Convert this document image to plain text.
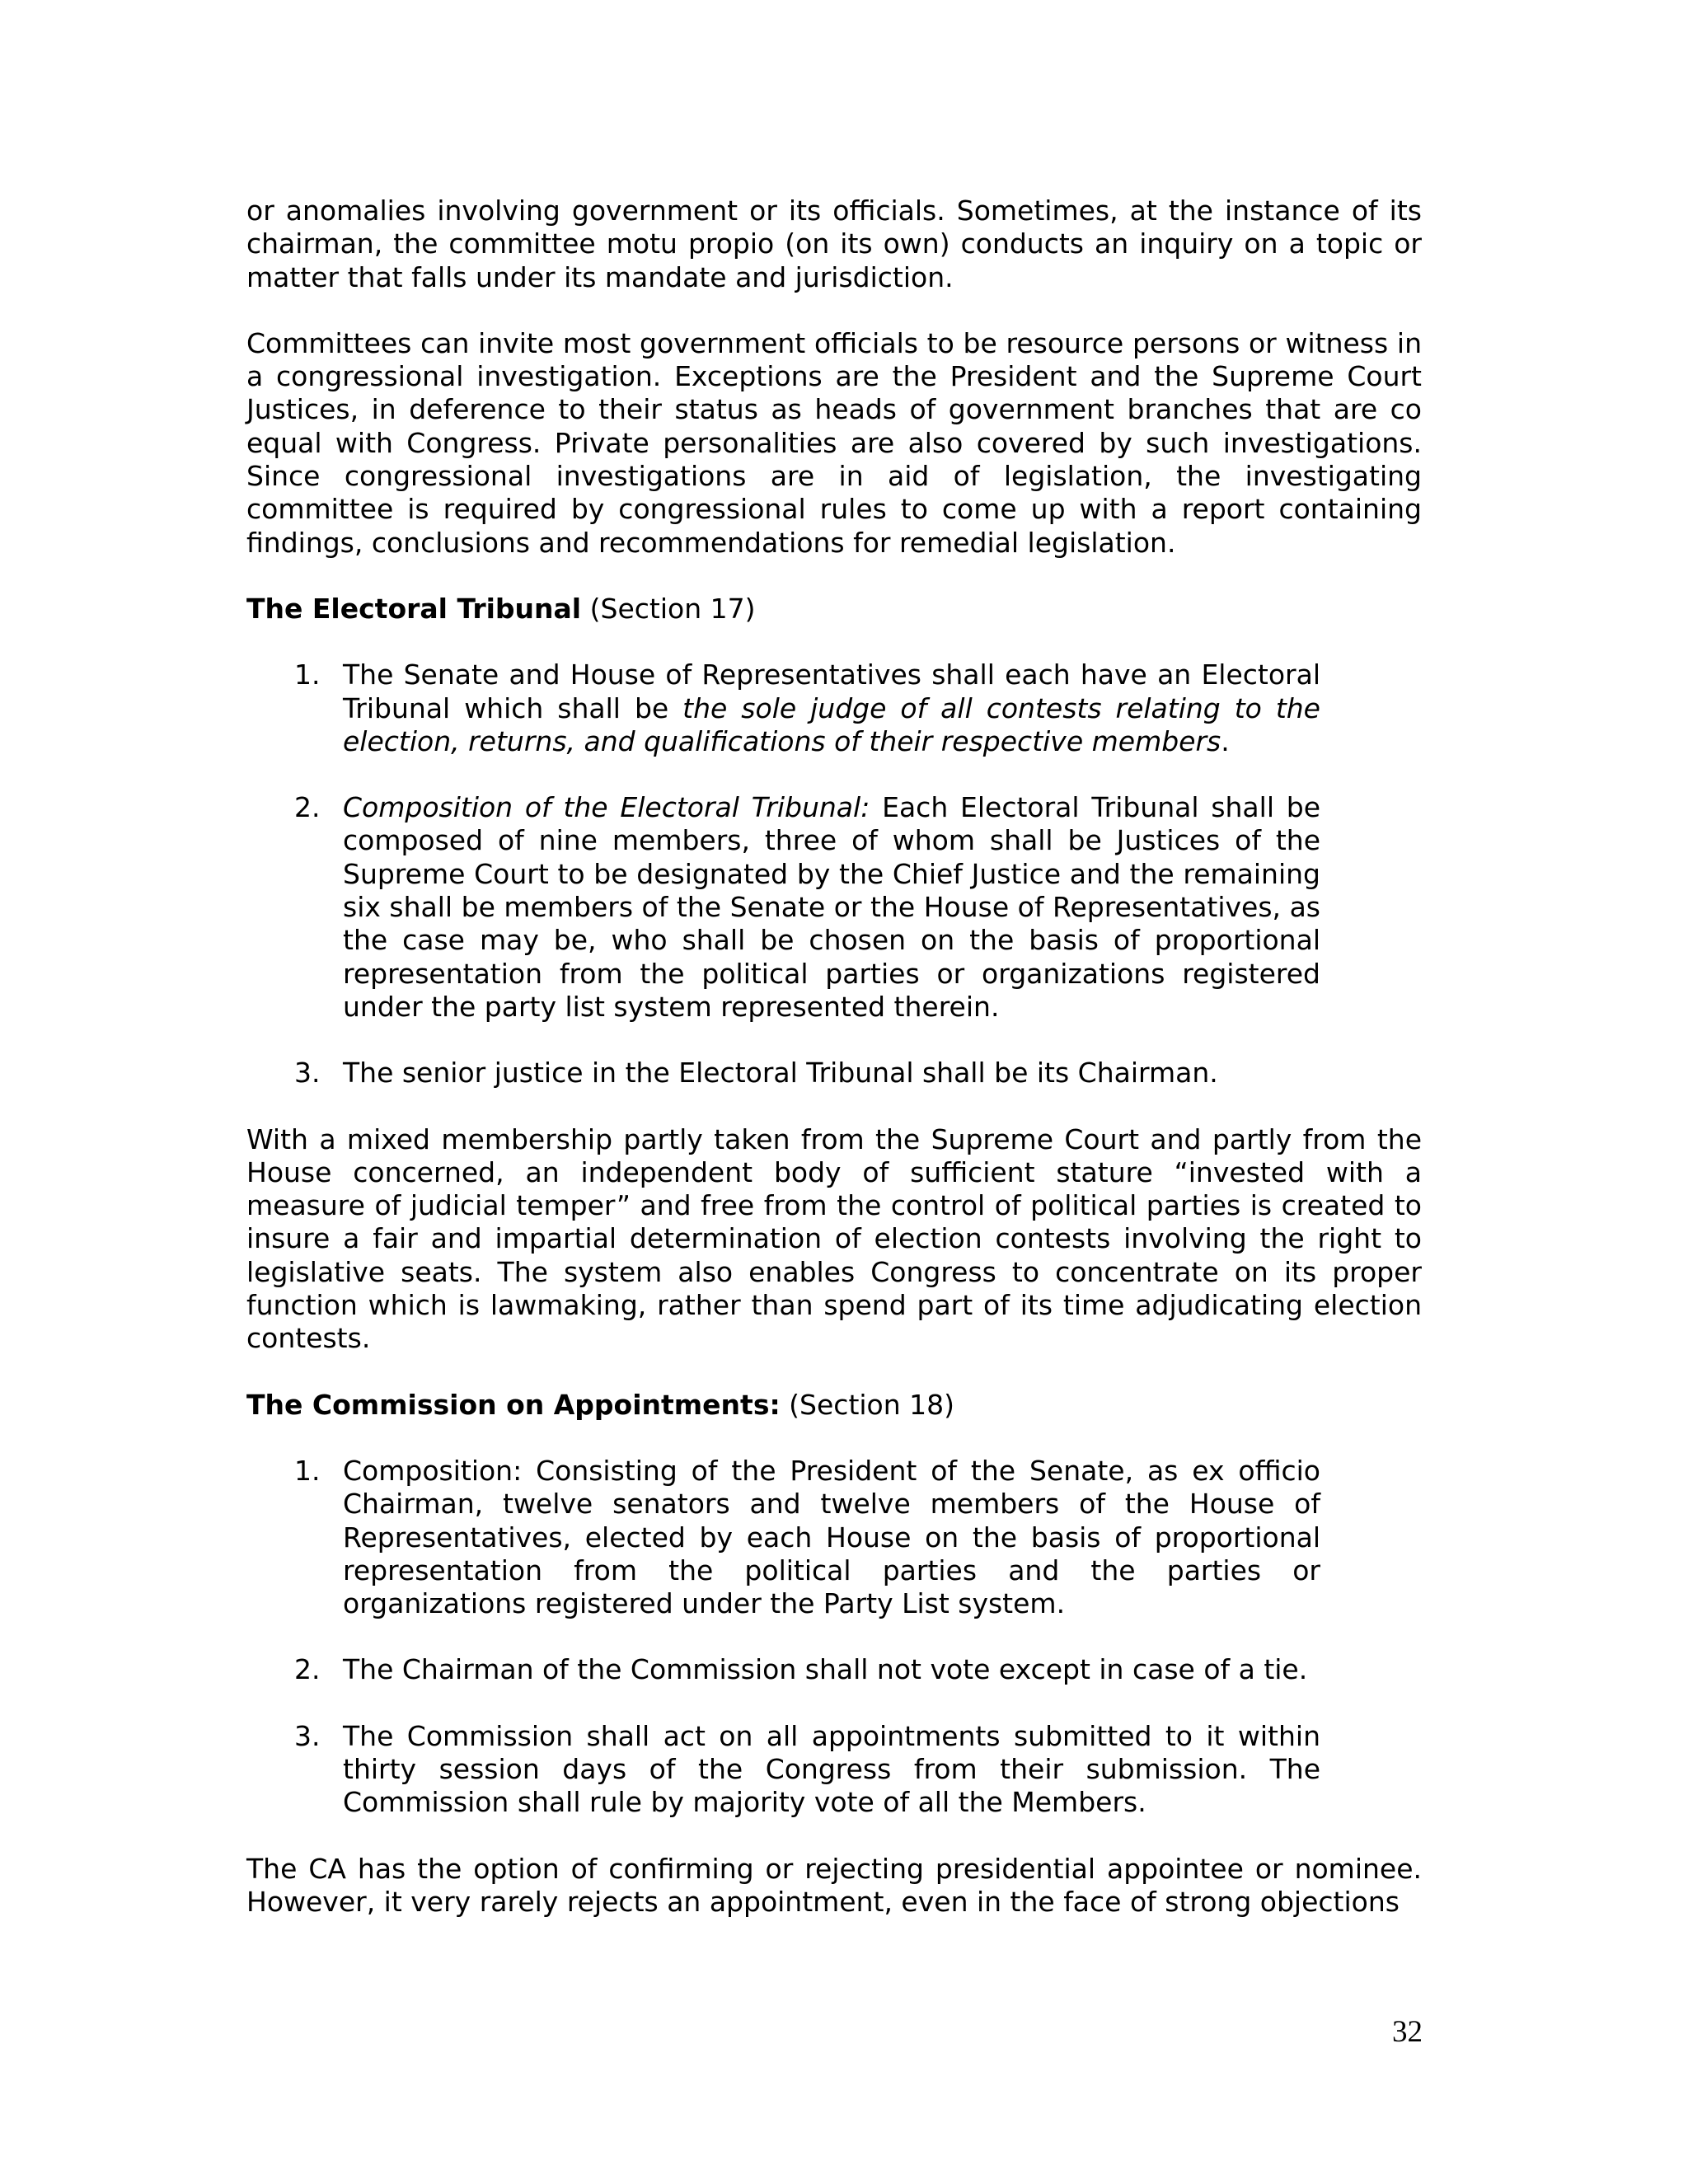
or anomalies involving government or its officials. Sometimes, at the instance of its chairman, the committee motu propio (on its own) conducts an inquiry on a topic or matter that falls under its mandate and jurisdiction.

Committees can invite most government officials to be resource persons or witness in a congressional investigation. Exceptions are the President and the Supreme Court Justices, in deference to their status as heads of government branches that are co equal with Congress. Private personalities are also covered by such investigations. Since congressional investigations are in aid of legislation, the investigating committee is required by congressional rules to come up with a report containing findings, conclusions and recommendations for remedial legislation.

The Electoral Tribunal (Section 17)
1. The Senate and House of Representatives shall each have an Electoral Tribunal which shall be the sole judge of all contests relating to the election, returns, and qualifications of their respective members.
2. Composition of the Electoral Tribunal: Each Electoral Tribunal shall be composed of nine members, three of whom shall be Justices of the Supreme Court to be designated by the Chief Justice and the remaining six shall be members of the Senate or the House of Representatives, as the case may be, who shall be chosen on the basis of proportional representation from the political parties or organizations registered under the party list system represented therein.
3. The senior justice in the Electoral Tribunal shall be its Chairman.

With a mixed membership partly taken from the Supreme Court and partly from the House concerned, an independent body of sufficient stature “invested with a measure of judicial temper” and free from the control of political parties is created to insure a fair and impartial determination of election contests involving the right to legislative seats. The system also enables Congress to concentrate on its proper function which is lawmaking, rather than spend part of its time adjudicating election contests.

The Commission on Appointments: (Section 18)
1. Composition: Consisting of the President of the Senate, as ex officio Chairman, twelve senators and twelve members of the House of Representatives, elected by each House on the basis of proportional representation from the political parties and the parties or organizations registered under the Party List system.
2. The Chairman of the Commission shall not vote except in case of a tie.
3. The Commission shall act on all appointments submitted to it within thirty session days of the Congress from their submission. The Commission shall rule by majority vote of all the Members.

The CA has the option of confirming or rejecting presidential appointee or nominee. However, it very rarely rejects an appointment, even in the face of strong objections

32
